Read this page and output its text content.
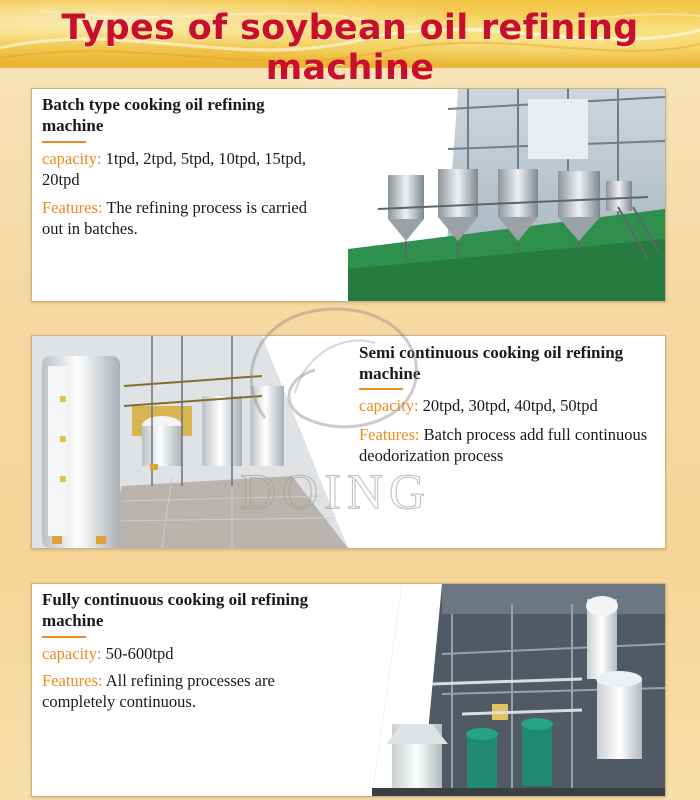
Types of soybean oil refining machine
Batch type cooking oil refining machine
capacity: 1tpd, 2tpd, 5tpd, 10tpd, 15tpd, 20tpd
Features: The refining process is carried out in batches.
Semi continuous cooking oil refining machine
capacity: 20tpd, 30tpd, 40tpd, 50tpd
Features: Batch process add full continuous deodorization process
Fully continuous cooking oil refining machine
capacity: 50-600tpd
Features: All refining processes are completely continuous.
DOING
